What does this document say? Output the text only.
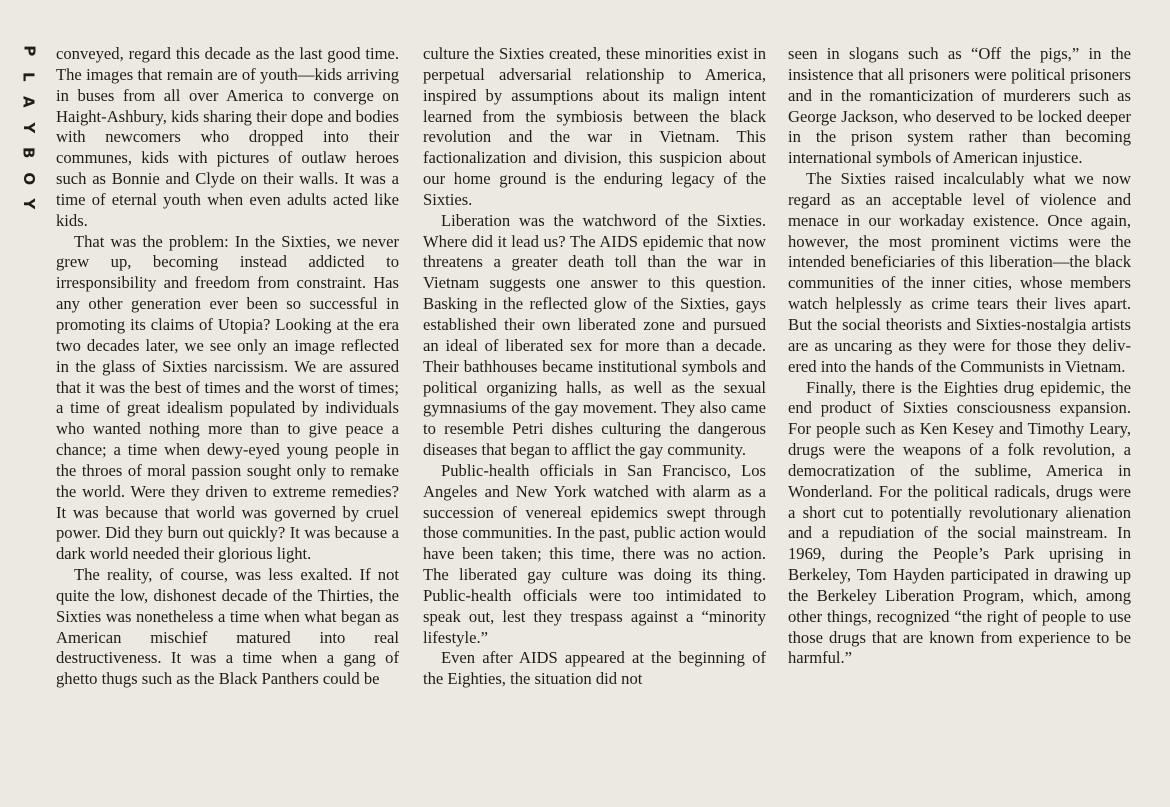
P
L
A
Y
B
O
Y

conveyed, regard this decade as the last good time. The images that remain are of youth—kids arriving in buses from all over America to converge on Haight-Ashbury, kids sharing their dope and bodies with newcomers who dropped into their communes, kids with pictures of outlaw heroes such as Bonnie and Clyde on their walls. It was a time of eternal youth when even adults acted like kids.

That was the problem: In the Sixties, we never grew up, becoming instead addicted to irresponsibility and freedom from constraint. Has any other generation ever been so successful in promoting its claims of Utopia? Looking at the era two decades later, we see only an image reflected in the glass of Sixties narcissism. We are assured that it was the best of times and the worst of times; a time of great idealism populated by individuals who wanted nothing more than to give peace a chance; a time when dewy-eyed young people in the throes of moral passion sought only to remake the world. Were they driven to extreme remedies? It was because that world was governed by cruel power. Did they burn out quickly? It was because a dark world needed their glorious light.

The reality, of course, was less exalted. If not quite the low, dishonest decade of the Thirties, the Sixties was nonetheless a time when what began as American mischief matured into real destructiveness. It was a time when a gang of ghetto thugs such as the Black Panthers could be

culture the Sixties created, these minorities exist in perpetual adversarial relationship to America, inspired by assumptions about its malign intent learned from the symbiosis between the black revolution and the war in Vietnam. This factionalization and division, this suspicion about our home ground is the enduring legacy of the Sixties.

Liberation was the watchword of the Sixties. Where did it lead us? The AIDS epidemic that now threatens a greater death toll than the war in Vietnam suggests one answer to this question. Basking in the reflected glow of the Sixties, gays established their own liberated zone and pursued an ideal of liberated sex for more than a decade. Their bathhouses became institutional symbols and political organizing halls, as well as the sexual gymnasiums of the gay movement. They also came to resemble Petri dishes culturing the dangerous diseases that began to afflict the gay community.

Public-health officials in San Francisco, Los Angeles and New York watched with alarm as a succession of venereal epidemics swept through those communities. In the past, public action would have been taken; this time, there was no action. The liberated gay culture was doing its thing. Public-health officials were too intimidated to speak out, lest they trespass against a “minority lifestyle.”

Even after AIDS appeared at the beginning of the Eighties, the situation did not

seen in slogans such as “Off the pigs,” in the insistence that all prisoners were political prisoners and in the romanticization of murderers such as George Jackson, who deserved to be locked deeper in the prison system rather than becoming international symbols of American injustice.

The Sixties raised incalculably what we now regard as an acceptable level of violence and menace in our workaday existence. Once again, however, the most prominent victims were the intended beneficiaries of this liberation—the black communities of the inner cities, whose members watch helplessly as crime tears their lives apart. But the social theorists and Sixties-nostalgia artists are as uncaring as they were for those they delivered into the hands of the Communists in Vietnam.

Finally, there is the Eighties drug epidemic, the end product of Sixties consciousness expansion. For people such as Ken Kesey and Timothy Leary, drugs were the weapons of a folk revolution, a democratization of the sublime, America in Wonderland. For the political radicals, drugs were a short cut to potentially revolutionary alienation and a repudiation of the social mainstream. In 1969, during the People’s Park uprising in Berkeley, Tom Hayden participated in drawing up the Berkeley Liberation Program, which, among other things, recognized “the right of people to use those drugs that are known from experience to be harmful.”
